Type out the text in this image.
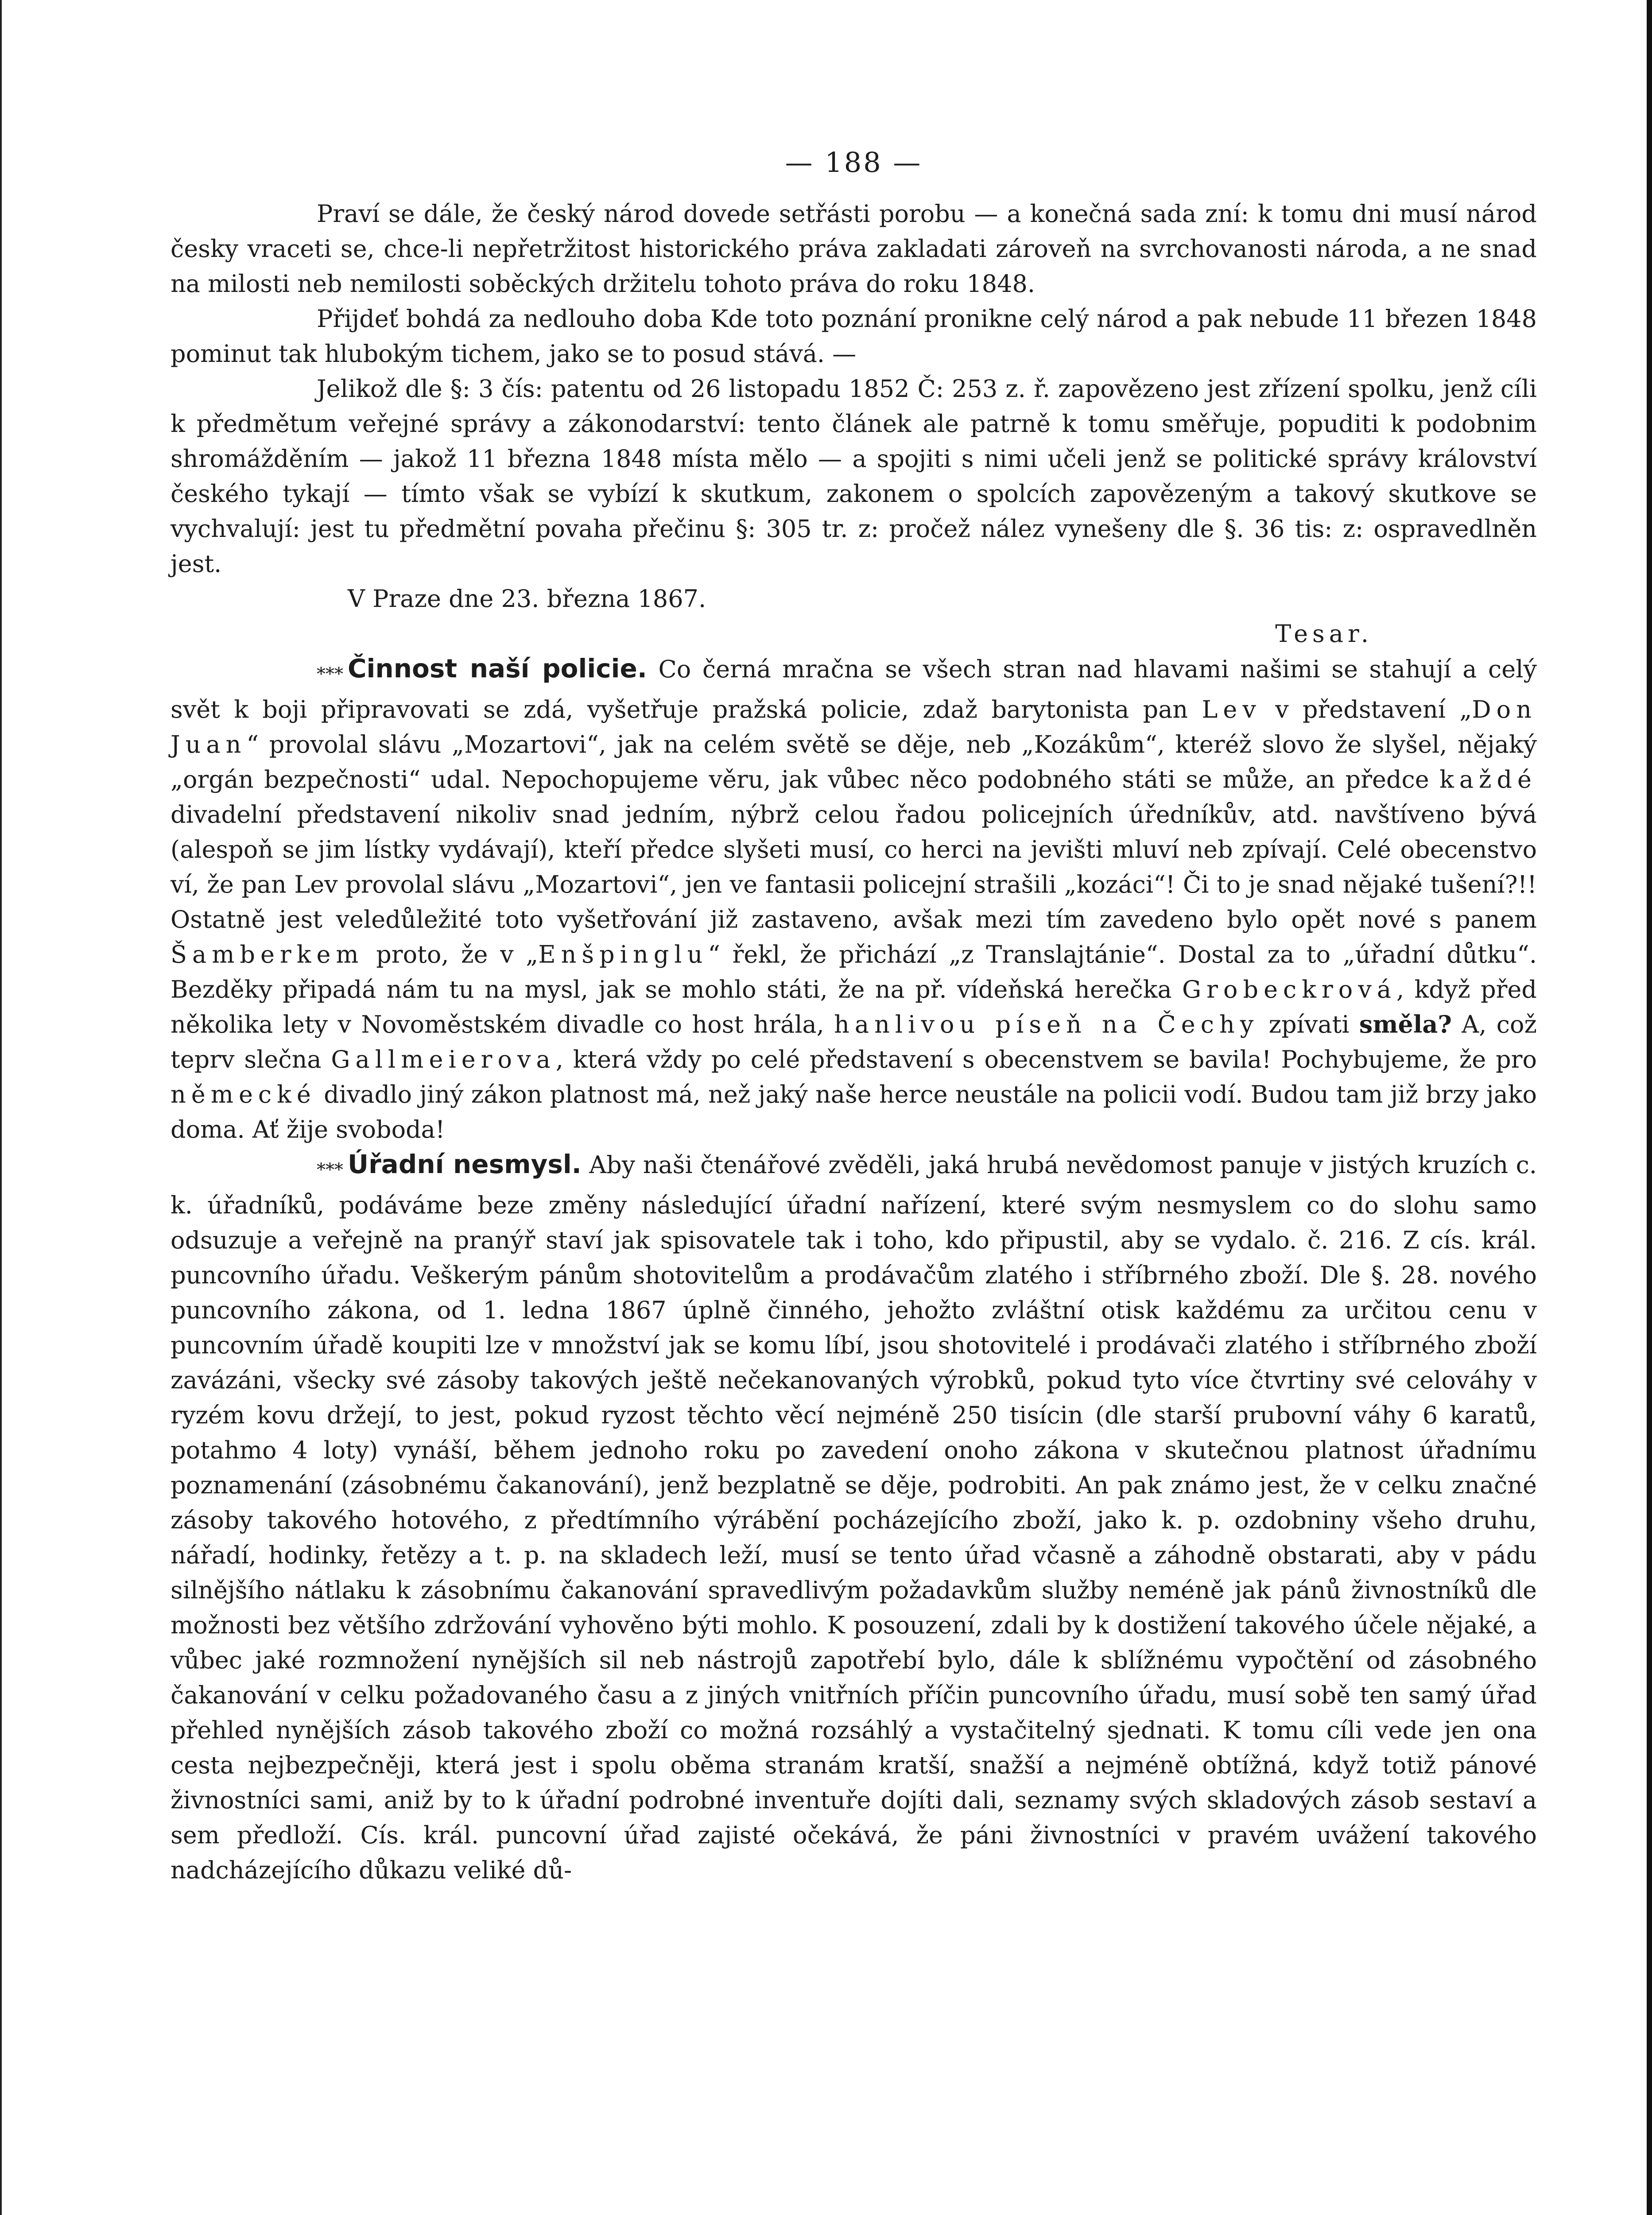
— 188 —

Praví se dále, že český národ dovede setřásti porobu — a konečná sada zní: k tomu dni musí národ česky vraceti se, chce-li nepřetržitost historického práva zakladati zároveň na svrchovanosti národa, a ne snad na milosti neb nemilosti soběckých držitelu tohoto práva do roku 1848.

Přijdeť bohdá za nedlouho doba Kde toto poznání pronikne celý národ a pak nebude 11 březen 1848 pominut tak hlubokým tichem, jako se to posud stává. —

Jelikož dle §: 3 čís: patentu od 26 listopadu 1852 Č: 253 z. ř. zapovězeno jest zřízení spolku, jenž cíli k předmětum veřejné správy a zákonodarství: tento článek ale patrně k tomu směřuje, popuditi k podobnim shromážděním — jakož 11 března 1848 místa mělo — a spojiti s nimi učeli jenž se politické správy království českého tykají — tímto však se vybízí k skutkum, zakonem o spolcích zapovězeným a takový skutkove se vychvalují: jest tu předmětní povaha přečinu §: 305 tr. z: pročež nález vynešeny dle §. 36 tis: z: ospravedlněn jest.

V Praze dne 23. března 1867.

Tesar.

* * * Činnost naší policie. Co černá mračna se všech stran nad hlavami našimi se stahují a celý svět k boji připravovati se zdá, vyšetřuje pražská policie, zdaž barytonista pan Lev v představení „Don Juan“ provolal slávu „Mozartovi“, jak na celém světě se děje, neb „Kozákům“, kteréž slovo že slyšel, nějaký „orgán bezpečnosti“ udal. Nepochopujeme věru, jak vůbec něco podobného státi se může, an předce každé divadelní představení nikoliv snad jedním, nýbrž celou řadou policejních úředníkův, atd. navštíveno bývá (alespoň se jim lístky vydávají), kteří předce slyšeti musí, co herci na jevišti mluví neb zpívají. Celé obecenstvo ví, že pan Lev provolal slávu „Mozartovi“, jen ve fantasii policejní strašili „kozáci“! Či to je snad nějaké tušení?!! Ostatně jest veledůležité toto vyšetřování již zastaveno, avšak mezi tím zavedeno bylo opět nové s panem Šamberkem proto, že v „Enšpinglu“ řekl, že přichází „z Translajtánie“. Dostal za to „úřadní důtku“. Bezděky připadá nám tu na mysl, jak se mohlo státi, že na př. vídeňská herečka Grobeckrová, když před několika lety v Novoměstském divadle co host hrála, hanlivou píseň na Čechy zpívati směla? A, což teprv slečna Gallmeierova, která vždy po celé představení s obecenstvem se bavila! Pochybujeme, že pro německé divadlo jiný zákon platnost má, než jaký naše herce neustále na policii vodí. Budou tam již brzy jako doma. Ať žije svoboda!

* * * Úřadní nesmysl. Aby naši čtenářové zvěděli, jaká hrubá nevědomost panuje v jistých kruzích c. k. úřadníků, podáváme beze změny následující úřadní nařízení, které svým nesmyslem co do slohu samo odsuzuje a veřejně na pranýř staví jak spisovatele tak i toho, kdo připustil, aby se vydalo. č. 216. Z cís. král. puncovního úřadu. Veškerým pánům shotovitelům a prodávačům zlatého i stříbrného zboží. Dle §. 28. nového puncovního zákona, od 1. ledna 1867 úplně činného, jehožto zvláštní otisk každému za určitou cenu v puncovním úřadě koupiti lze v množství jak se komu líbí, jsou shotovitelé i prodávači zlatého i stříbrného zboží zavázáni, všecky své zásoby takových ještě nečekanovaných výrobků, pokud tyto více čtvrtiny své celováhy v ryzém kovu držejí, to jest, pokud ryzost těchto věcí nejméně 250 tisícin (dle starší prubovní váhy 6 karatů, potahmo 4 loty) vynáší, během jednoho roku po zavedení onoho zákona v skutečnou platnost úřadnímu poznamenání (zásobnému čakanování), jenž bezplatně se děje, podrobiti. An pak známo jest, že v celku značné zásoby takového hotového, z předtímního výrábění pocházejícího zboží, jako k. p. ozdobniny všeho druhu, nářadí, hodinky, řetězy a t. p. na skladech leží, musí se tento úřad včasně a záhodně obstarati, aby v pádu silnějšího nátlaku k zásobnímu čakanování spravedlivým požadavkům služby neméně jak pánů živnostníků dle možnosti bez většího zdržování vyhověno býti mohlo. K posouzení, zdali by k dostižení takového účele nějaké, a vůbec jaké rozmnožení nynějších sil neb nástrojů zapotřebí bylo, dále k sblížnému vypočtění od zásobného čakanování v celku požadovaného času a z jiných vnitřních příčin puncovního úřadu, musí sobě ten samý úřad přehled nynějších zásob takového zboží co možná rozsáhlý a vystačitelný sjednati. K tomu cíli vede jen ona cesta nejbezpečněji, která jest i spolu oběma stranám kratší, snažší a nejméně obtížná, když totiž pánové živnostníci sami, aniž by to k úřadní podrobné inventuře dojíti dali, seznamy svých skladových zásob sestaví a sem předloží. Cís. král. puncovní úřad zajisté očekává, že páni živnostníci v pravém uvážení takového nadcházejícího důkazu veliké dů-
